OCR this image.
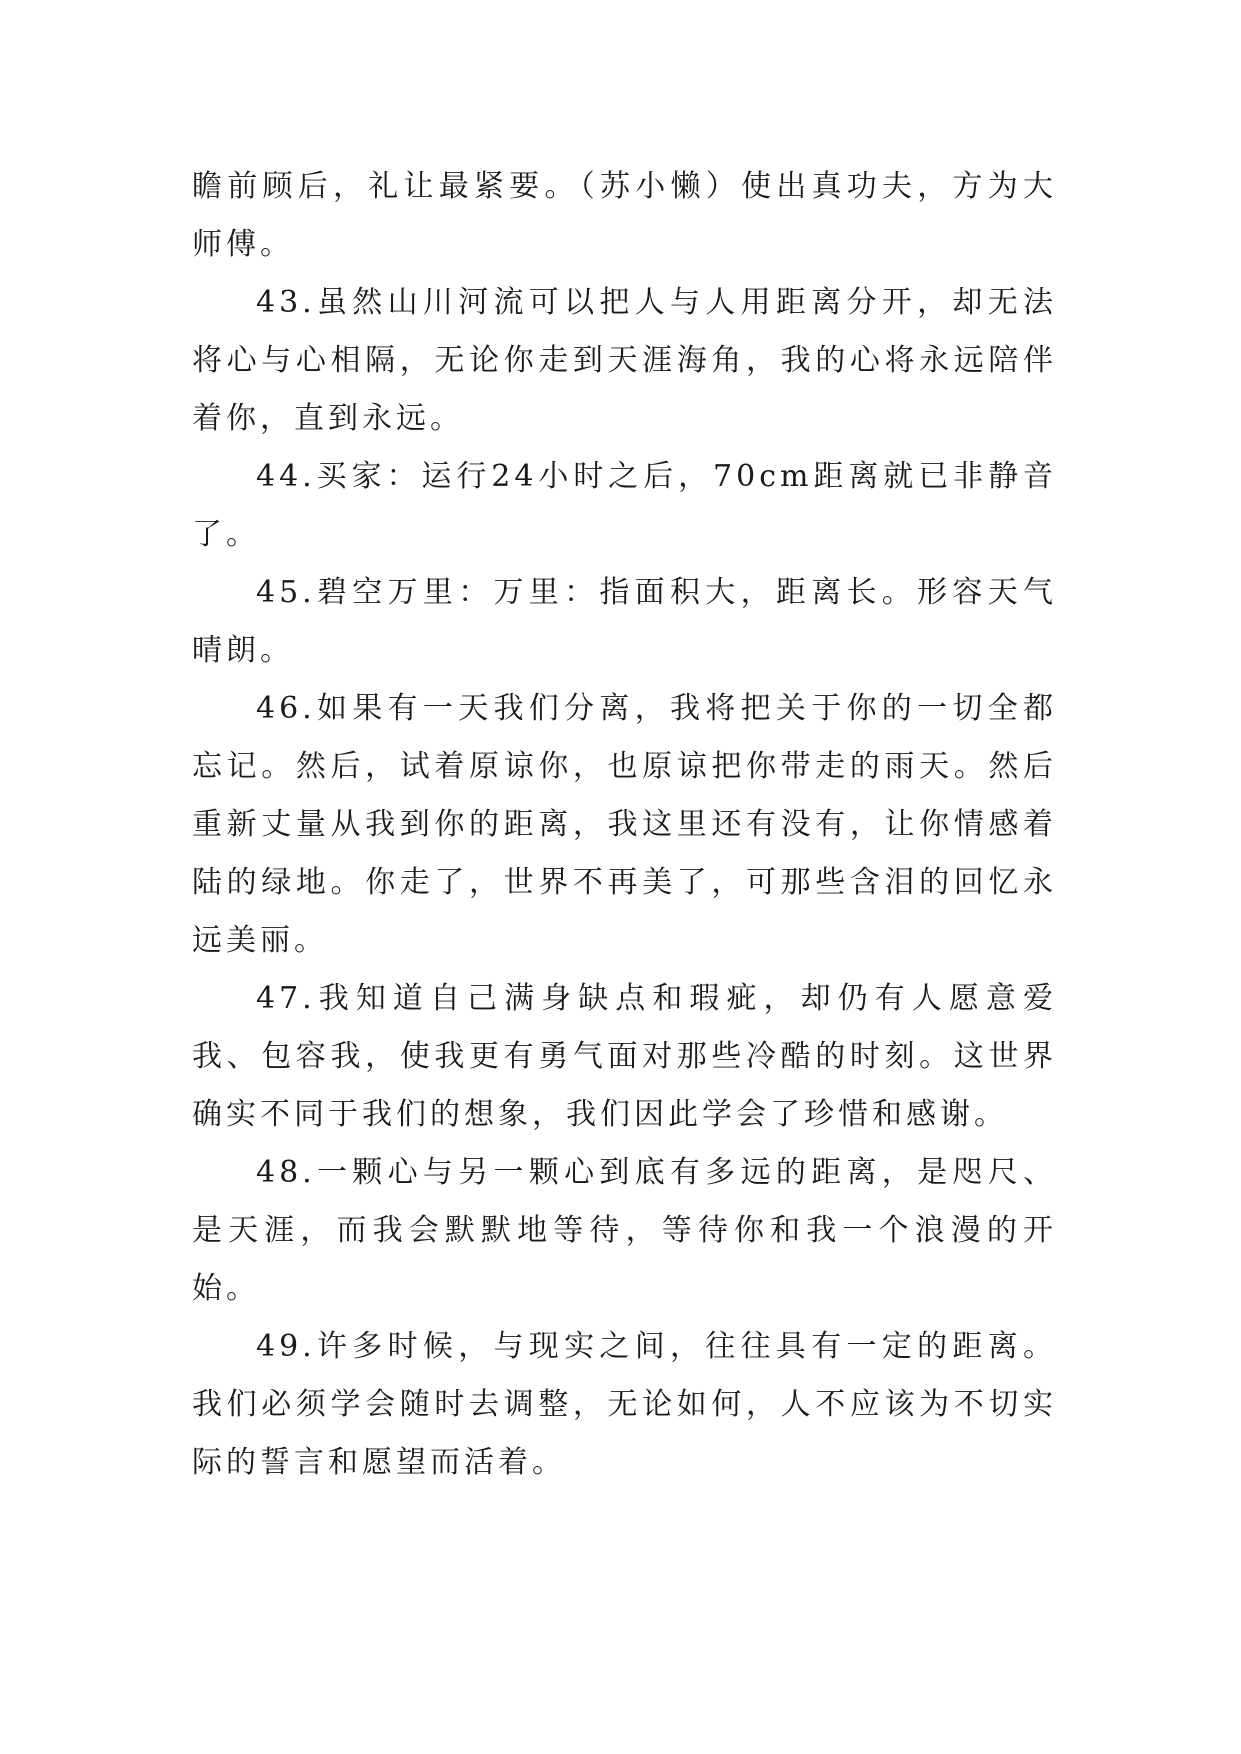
瞻前顾后，礼让最紧要。（苏小懒）使出真功夫，方为大师傅。

43.虽然山川河流可以把人与人用距离分开，却无法将心与心相隔，无论你走到天涯海角，我的心将永远陪伴着你，直到永远。

44.买家：运行24小时之后，70cm距离就已非静音了。

45.碧空万里：万里：指面积大，距离长。形容天气晴朗。

46.如果有一天我们分离，我将把关于你的一切全都忘记。然后，试着原谅你，也原谅把你带走的雨天。然后重新丈量从我到你的距离，我这里还有没有，让你情感着陆的绿地。你走了，世界不再美了，可那些含泪的回忆永远美丽。

47.我知道自己满身缺点和瑕疵，却仍有人愿意爱我、包容我，使我更有勇气面对那些冷酷的时刻。这世界确实不同于我们的想象，我们因此学会了珍惜和感谢。

48.一颗心与另一颗心到底有多远的距离，是咫尺、是天涯，而我会默默地等待，等待你和我一个浪漫的开始。

49.许多时候，与现实之间，往往具有一定的距离。我们必须学会随时去调整，无论如何，人不应该为不切实际的誓言和愿望而活着。
